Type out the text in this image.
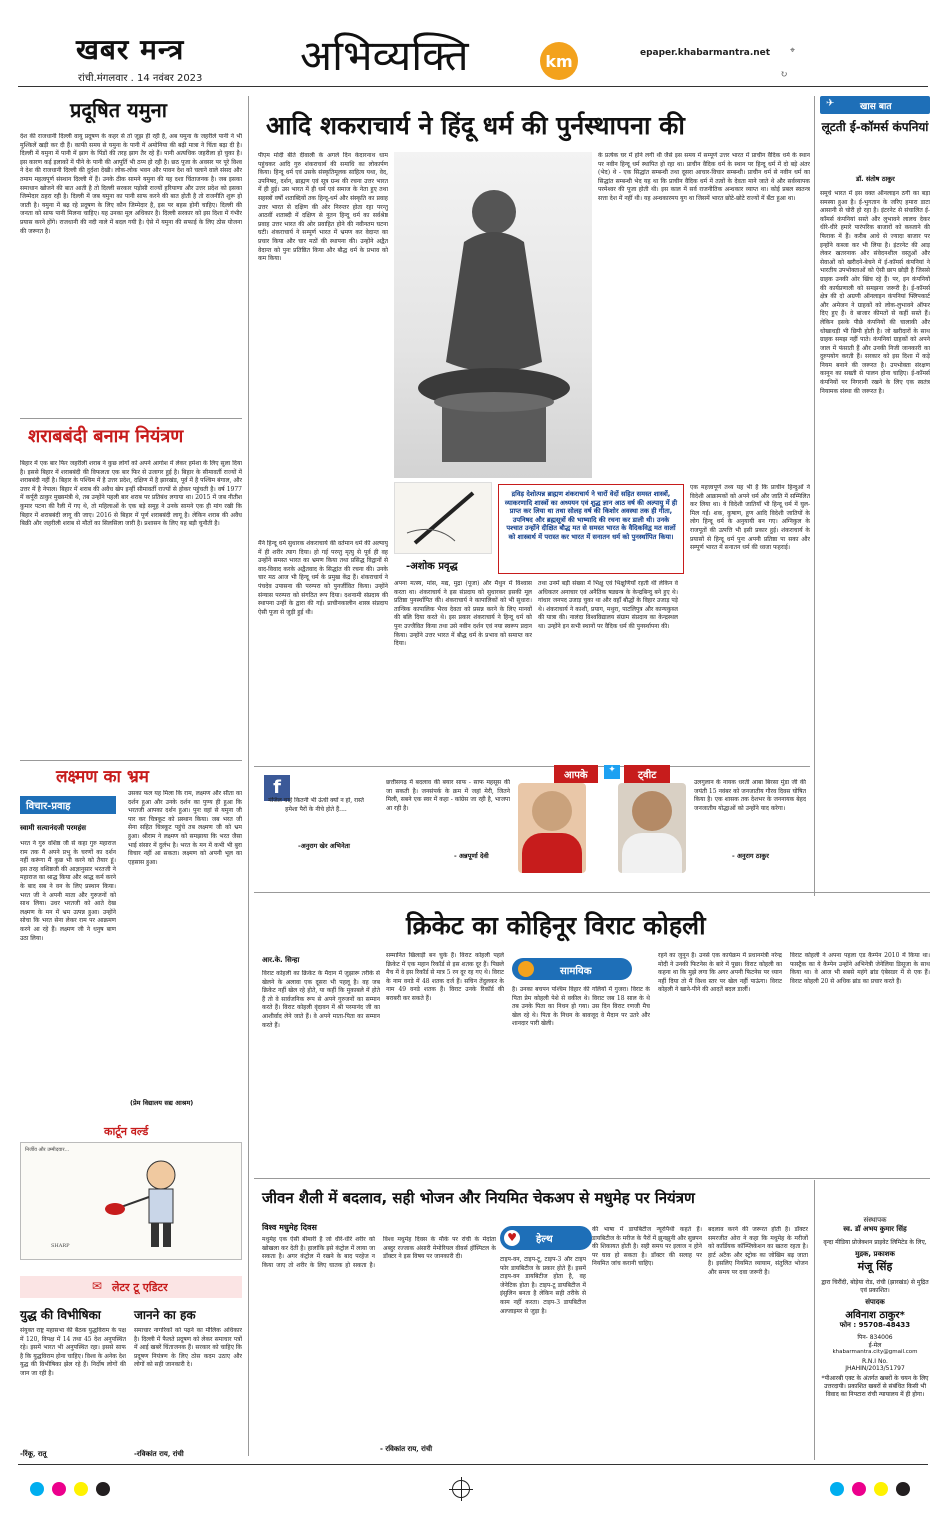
खबर मन्त्र
रांची.मंगलवार . 14 नवंबर 2023 अभिव्यक्ति	km	epaper.khabarmantra.net ⌖
↻
प्रदूषित यमुना
देश की राजधानी दिल्ली वायु प्रदूषण के कहर से तो जूझ ही रही है, अब यमुना के जहरीले पानी ने भी मुश्किलें खड़ी कर दी हैं। काफी समय से यमुना के पानी में अमोनिया की बढ़ी मात्रा ने चिंता बढ़ा दी है। दिल्ली में यमुना में पानी में झाग के पिंडों की तरह झाग तैर रहे हैं। पानी अत्यधिक जहरीला हो चुका है। इस कारण कई इलाकों में पीने के पानी की आपूर्ति भी ठप्प हो रही है। छठ पूजा के अवसर पर पूरे विश्व ने देश की राजधानी दिल्ली की दुर्दशा देखी। लोक-लोक भवन और पावन देश को चलाने वाले संसद और तमाम महत्वपूर्ण संस्थान दिल्ली में हैं। उनके ठीक सामने यमुना की यह दशा चिंताजनक है। जब इसका समाधान खोजने की बात आती है तो दिल्ली सरकार पड़ोसी राज्यों हरियाणा और उत्तर प्रदेश को इसका जिम्मेदार ठहरा रही है। दिल्ली में जब यमुना का पानी साफ करने की बात होती है तो राजनीति शुरू हो जाती है। यमुना में बढ़ रहे प्रदूषण के लिए कौन जिम्मेदार है, इस पर बहस होनी चाहिए। दिल्ली की जनता को साफ पानी मिलना चाहिए। यह उनका मूल अधिकार है। दिल्ली सरकार को इस दिशा में गंभीर प्रयास करने होंगे। राजधानी की नदी नाले में बदल गयी है। ऐसे में यमुना की सफाई के लिए ठोस योजना की जरूरत है।
शराबबंदी बनाम नियंत्रण
बिहार में एक बार फिर जहरीली शराब ने कुछ लोगों को अपने आगोश में लेकर हमेशा के लिए सुला दिया है। इससे बिहार में शराबबंदी की विफलता एक बार फिर से उजागर हुई है। बिहार के सीमावर्ती राज्यों में शराबबंदी नहीं है। बिहार के पश्चिम में है उत्तर प्रदेश, दक्षिण में है झारखंड, पूर्व में है पश्चिम बंगाल, और उत्तर में है नेपाल। बिहार में शराब की अवैध खेप इन्हीं सीमावर्ती राज्यों से होकर पहुंचती है। वर्ष 1977 में कर्पूरी ठाकुर मुख्यमंत्री थे, तब उन्होंने पहली बार शराब पर प्रतिबंध लगाया था। 2015 में जब नीतीश कुमार पटना की रैली में गए थे, तो महिलाओं के एक बड़े समूह ने उनके सामने एक ही मांग रखी कि बिहार में शराबबंदी लागू की जाए। 2016 से बिहार में पूर्ण शराबबंदी लागू है। लेकिन शराब की अवैध बिक्री और जहरीली शराब से मौतों का सिलसिला जारी है। प्रशासन के लिए यह बड़ी चुनौती है।
लक्ष्मण का भ्रम
विचार-प्रवाह
स्वामी सत्यानंदजी परमहंस
भरत ने गुरु वशिष्ठ जी से कहा गुरु महाराज राम तक मैं अपने प्रभु के चरणों का दर्शन नहीं करूंगा मैं कुछ भी करने को तैयार हूं। इस तरह वशिष्ठजी की आज्ञानुसार भरतजी ने महाराज का श्राद्ध किया और श्राद्ध कर्म करने के बाद सब ने वन के लिए प्रस्थान किया। भरत जी ने अपनी माता और गुरुजनों को साथ लिया। उधर भरतजी को आते देख लक्ष्मण के मन में भ्रम उत्पन्न हुआ। उन्होंने सोचा कि भरत सेना लेकर राम पर आक्रमण करने आ रहे हैं। लक्ष्मण जी ने धनुष बाण उठा लिया।
उसका फल यह मिला कि राम, लक्ष्मण और सीता का दर्शन हुआ और उनके दर्शन का पुण्य ही हुआ कि भरतजी आपका दर्शन हुआ। पुनः वहां से यमुना जी पार कर चित्रकूट को प्रस्थान किया। जब भरत जी सेना सहित चित्रकूट पहुंचे तब लक्ष्मण जी को भ्रम हुआ। श्रीराम ने लक्ष्मण को समझाया कि भरत जैसा भाई संसार में दुर्लभ है। भरत के मन में कभी भी बुरा विचार नहीं आ सकता। लक्ष्मण को अपनी भूल का एहसास हुआ।
(प्रेम विद्यालय सद्य आश्रम)
कार्टून वर्ल्ड
निर्जीव और उम्मीदवार...
SHARP
✉ लेटर टू एडिटर
युद्ध की विभीषिका
संयुक्त राष्ट्र महासभा की बैठक युद्धविराम के पक्ष में 120, विपक्ष में 14 तथा 45 देश अनुपस्थित रहे। इसमें भारत भी अनुपस्थित रहा। इससे साफ है कि युद्धविराम होना चाहिए। विश्व के अनेक देश युद्ध की विभीषिका झेल रहे हैं। निर्दोष लोगों की जान जा रही है।
-रिंकू, रातू
जानने का हक
समाचार नागरिकों को पढ़ने का मौलिक अधिकार है। दिल्ली में फैलते प्रदूषण को लेकर समाचार पत्रों में आई खबरें चिंताजनक हैं। सरकार को चाहिए कि प्रदूषण नियंत्रण के लिए ठोस कदम उठाए और लोगों को सही जानकारी दे।
-रविकांत राय, रांची
आदि शकराचार्य ने हिंदू धर्म की पुर्नस्थापना की
पीएम मोदी बीते दीवाली के अगले दिन केदारनाथ धाम पहुंचकर आदि गुरु शंकराचार्य की समाधि का लोकार्पण किया। हिन्दू धर्म एवं उसके संस्कृतिमूलक साहित्य यथा, वेद, उपनिषद, दर्शन, ब्राह्मण एवं सूत्र ग्रन्थ की रचना उत्तर भारत में ही हुई। उस भारत में ही धर्म एवं समाज के नेता हुए तथा सहस्त्रों वर्षों शताब्दियों तक हिन्दू-धर्म और संस्कृति का प्रवाह उत्तर भारत से दक्षिण की ओर निरन्तर होता रहा परन्तु आठवीं शताब्दी में दक्षिण से नूतन हिन्दू धर्म का सर्वश्रेष्ठ प्रवाह उत्तर भारत की ओर प्रवाहित होने की नवीनतम घटना घटी। शंकराचार्य ने सम्पूर्ण भारत में भ्रमण कर वेदान्त का प्रचार किया और चार मठों की स्थापना की। उन्होंने अद्वैत वेदान्त को पुनः प्रतिष्ठित किया और बौद्ध धर्म के प्रभाव को कम किया।
मैंने हिन्दू धर्म सुधारक शंकराचार्य की वर्तमान धर्म की अल्पायु में ही शरीर त्याग दिया। हो गई परन्तु मृत्यु से पूर्व ही वह उन्होंने समस्त भारत का भ्रमण किया तथा प्रसिद्ध विद्वानों से वाद-विवाद करके अद्वैतवाद के सिद्धांत की रचना की। उनके चार मठ आज भी हिन्दू धर्म के प्रमुख केंद्र हैं। शंकराचार्य ने पंचदेव उपासना की परम्परा को पुनर्जीवित किया। उन्होंने संन्यास परम्परा को संगठित रूप दिया। दशनामी संप्रदाय की स्थापना उन्हीं के द्वारा की गई। प्राचीनकालीन शास्त्र संप्रदाय ऐसी पूजा से जुड़ी हुई थी।
-अशोक प्रवृद्ध
द्रविड़ देशोत्पन्न ब्राह्मण शंकराचार्य ने चारों वेदों सहित समस्त शास्त्रों, व्याकरणादि शास्त्रों का अध्ययन एवं शुद्ध ज्ञान आठ वर्ष की अल्पायु में ही प्राप्त कर लिया था तथा सोलह वर्ष की किशोर अवस्था तक ही गीता, उपनिषद और ब्रह्मसूत्रों की भाष्यादि की रचना कर डाली थी। उनके पश्चात उन्होंने दीक्षित बौद्ध मत से समस्त भारत के वैदिकविद्व मत वालों को शास्त्रार्थ में परास्त कर भारत में सनातन धर्म को पुनर्स्थापित किया।
अपना मत्स्य, मांस, मद्य, मुद्रा (पूजा) और मैथुन में विश्वास करता था। शंकराचार्य ने इस संप्रदाय को सुधारकर इसकी मूल प्रतिष्ठा पुनर्स्थापित की। शंकराचार्य ने कापालिकों को भी सुधारा। तान्त्रिक कापालिक भैरव देवता को प्रसन्न करने के लिए मानवों की बलि दिया करते थे। इस प्रकार शंकराचार्य ने हिन्दू धर्म को पुनः उज्जैवित किया तथा उसे नवीन दर्शन एवं नया स्वरूप प्रदान किया। उन्होंने उत्तर भारत में बौद्ध धर्म के प्रभाव को समाप्त कर दिया।
तथा उनमें बड़ी संख्या में भिक्षु एवं भिक्षुणियाँ रहती थीं लेकिन वे अधिकतर अनाचार एवं अनैतिक षड्यन्त्र के केन्द्रबिन्दु बने हुए थे। गांधार जनपद उजाड़ चुका था और वहाँ बौद्धों के विहार उजाड़ पड़े थे। शंकराचार्य ने काशी, प्रयाग, मथुरा, पाटलिपुत्र और कान्यकुब्ज की यात्रा की। नालंदा विश्वविद्यालय संग्राम संप्रदाय का केन्द्रस्थल था। उन्होंने इन सभी स्थानों पर वैदिक धर्म की पुनर्स्थापना की।
के प्रत्येक घर में होने लगी थी जैसे इस समय में सम्पूर्ण उत्तर भारत में प्राचीन वैदिक धर्म के स्थान पर नवीन हिन्दू धर्म स्थापित हो रहा था। प्राचीन वैदिक धर्म के स्थान पर हिन्दू धर्म में दो बड़े अंतर (भेद) थे - एक सिद्धांत सम्बन्धी तथा दूसरा आचार-विचार सम्बन्धी। प्राचीन धर्म से नवीन धर्म का सिद्धांत सम्बन्धी भेद यह था कि प्राचीन वैदिक धर्म में तत्वों के देवता माने जाते थे और सर्वव्यापक परमेश्वर की पूजा होती थी। इस काल में सर्व राजनीतिक अन्धकार व्याप्त था। कोई प्रबल स्वतन्त्र सत्ता देश में नहीं थी। यह अन्धकारमय युग था जिसमें भारत छोटे-छोटे राज्यों में बँटा हुआ था।
एक महत्त्वपूर्ण तथ्य यह भी है कि प्राचीन हिन्दुओं ने विदेशी आक्रामकों को अपने धर्म और जाति में सम्मिलित कर लिया था। ये विदेशी जातियाँ भी हिन्दू धर्म में घुल-मिल गईं। शक, कुषाण, हूण आदि विदेशी जातियों के लोग हिन्दू धर्म के अनुयायी बन गए। अग्निकुल के राजपूतों की उत्पत्ति भी इसी प्रकार हुई। शंकराचार्य के प्रयासों से हिन्दू धर्म पुनः अपनी प्रतिष्ठा पा सका और सम्पूर्ण भारत में सनातन धर्म की ध्वजा फहराई।
आपके	✦	ट्वीट
f
मंजिल चाहे कितनी भी ऊंची क्यों न हो, रास्ते हमेशा पैरों के नीचे होते हैं....
-अनुराग खेर अभिनेता
छत्तीसगढ़ में बदलाव की बयार साफ - साफ महसूस की जा सकती है। जनसंपर्क के क्रम में जहां मेरी, जितने मिली, सबने एक स्वर में कहा - कांग्रेस जा रही है, भाजपा आ रही है।
- अन्नपूर्णा देवी
उलगुलान के नायक धरती आबा बिरसा मुंडा जी की जयंती 15 नवंबर को जनजातीय गौरव दिवस घोषित किया है। एक शासक तक देशभर के जननायक बेहद जनजातीय योद्धाओं को उन्होंने याद करेगा।
- अनुराग ठाकुर
✈	खास बात
लूटती ई-कॉमर्स कंपनियां
डॉ. संतोष ठाकुर
समूचे भारत में इस वक्त ऑनलाइन ठगी का बड़ा समस्या हुआ है। ई-भुगतान के जरिए हमारा डाटा आसानी से चोरी हो रहा है। इंटरनेट से संचालित ई-कॉमर्स कंपनियां सस्ते और लुभावने लालच देकर धीरे-धीरे हमारे पारंपरिक बाजारों को कब्जाने की फिराक में हैं। करीब आधे से ज्यादा बाजार पर इन्होंने कब्जा कर भी लिया है। इंटरनेट की आड़ लेकर खतरनाक और संवेदनशील वस्तुओं और सेवाओं को खरीदने-बेचने में ई-कॉमर्स कंपनियां ने भारतीय उपभोक्ताओं को ऐसी छाप छोड़ी है जिससे ग्राहक उनकी ओर खिंच रहे हैं। पर, इन कंपनियों की कार्यप्रणाली को समझना जरूरी है। ई-कॉमर्स क्षेत्र की दो अग्रणी ऑनलाइन कंपनियां फ्लिपकार्ट और अमेजन ने ग्राहकों को लोक-लुभावने ऑफर दिए हुए हैं। वे बाजार कीमतों से कहीं सस्ते हैं। लेकिन इसके पीछे कंपनियों की चालाकी और धोखाधड़ी भी छिपी होती है। जो खरीदारों के साथ ग्राहक समझ नहीं पाते। कंपनियां ग्राहकों को अपने जाल में फंसाती हैं और उनकी निजी जानकारी का दुरुपयोग करती हैं। सरकार को इस दिशा में कड़े नियम बनाने की जरूरत है। उपभोक्ता संरक्षण कानून का सख्ती से पालन होना चाहिए। ई-कॉमर्स कंपनियों पर निगरानी रखने के लिए एक स्वतंत्र नियामक संस्था की जरूरत है।
क्रिकेट का कोहिनूर विराट कोहली
आर.के. सिन्हा
विराट कोहली का क्रिकेट के मैदान में जुझारू तरीके से खेलने के अलावा एक दूसरा भी पहलू है। वह जब क्रिकेट नहीं खेल रहे होते, या कहीं कि मुकाबले में होते हैं तो वे सार्वजनिक रूप से अपने गुरुजनों का सम्मान करते हैं। विराट कोहली वृंदावन में श्री परमानंद जी का आशीर्वाद लेने जाते हैं। वे अपने माता-पिता का सम्मान करते हैं।
सम्मानित खिलाड़ी बन चुके हैं। विराट कोहली पहले क्रिकेट में एक महान रिकॉर्ड से इस शतक दूर हैं। पिछले मैच में वे इस रिकॉर्ड से मात्र 5 रन दूर रह गए थे। विराट के नाम वनडे में 48 शतक दर्ज हैं। सचिन तेंदुलकर के नाम 49 वनडे शतक हैं। विराट उनके रिकॉर्ड की बराबरी कर सकते हैं।
सामयिक
है। उनका बचपन पश्चिम विहार की गलियों में गुजरा। विराट के पिता प्रेम कोहली पेशे से वकील थे। विराट जब 18 साल के थे तब उनके पिता का निधन हो गया। उस दिन विराट रणजी मैच खेल रहे थे। पिता के निधन के बावजूद वे मैदान पर उतरे और शानदार पारी खेली।
रहने का जुनून है। उनसे एक कार्यक्रम में प्रधानमंत्री नरेन्द्र मोदी ने उनकी फिटनेस के बारे में पूछा। विराट कोहली का कहना था कि मुझे लगा कि अगर अपनी फिटनेस पर ध्यान नहीं दिया तो मैं विश्व स्तर पर खेल नहीं पाऊंगा। विराट कोहली ने खाने-पीने की आदतें बदल डालीं।
विराट कोहली ने अपना पहला एड कैम्पेन 2010 में किया था। फास्ट्रैक का ये कैम्पेन उन्होंने अभिनेत्री जेनेलिया डिसूजा के साथ किया था। वे आज भी सबसे महंगे ब्रांड एंबेसडर में से एक हैं। विराट कोहली 20 से अधिक ब्रांड का प्रचार करते हैं।
जीवन शैली में बदलाव, सही भोजन और नियमित चेकअप से मधुमेह पर नियंत्रण
विश्व मधुमेह दिवस
मधुमेह एक ऐसी बीमारी है जो धीरे-धीरे शरीर को खोखला कर देती है। हालांकि इसे कंट्रोल में लाया जा सकता है। अगर कंट्रोल में रखने के बाद परहेज न किया जाए तो शरीर के लिए घातक हो सकता है। विश्व मधुमेह दिवस के मौके पर रांची के मेदांता अब्दुर रज्जाक अंसारी मेमोरियल वीवर्स हॉस्पिटल के डॉक्टर ने इस विषय पर जानकारी दी।
- रविकांत राय, रांची
♥	हेल्थ
टाइप-वन, टाइप-टू, टाइप-3 और टाइप फोर डायबिटीज के प्रकार होते हैं। इसमें टाइप-वन डायबिटीज होता है, वह जेनेटिक होता है। टाइप-टू डायबिटीज में इंसुलिन बनता है लेकिन सही तरीके से काम नहीं करता। टाइप-3 डायबिटीज अल्जाइमर से जुड़ा है।
की भाषा में डायबिटीज न्यूरोपैथी कहते हैं। डायबिटीज के मरीज के पैरों में झुनझुनी और सुन्नपन की शिकायत होती है। सही समय पर इलाज न होने पर घाव हो सकता है। डॉक्टर की सलाह पर नियमित जांच करानी चाहिए।
बदलाव करने की जरूरत होती है। डॉक्टर समरजीत ओरा ने कहा कि मधुमेह के मरीजों को कार्डियक कॉम्प्लिकेशन का खतरा रहता है। हार्ट अटैक और स्ट्रोक का जोखिम बढ़ जाता है। इसलिए नियमित व्यायाम, संतुलित भोजन और समय पर दवा जरूरी है।
संस्थापक
स्व. डॉ अभय कुमार सिंह
वृन्दा मीडिया प्रोजेक्शन प्राइवेट लिमिटेड के लिए,
मुद्रक, प्रकाशक
मंजू सिंह
द्वारा चिरौंदी, बोड़ेया रोड, रांची (झारखंड) से मुद्रित एवं प्रकाशित।
संपादक
अविनाश ठाकुर*
फोन : 95708-48433
पिन- 834006
ई-मेल
khabarmantra.city@gmail.com
R.N.I No.
JHAHIN/2013/51797
*पीआरबी एक्ट के अंतर्गत खबरों के चयन के लिए उत्तरदायी। प्रकाशित खबरों से संबंधित किसी भी विवाद का निपटारा रांची न्यायालय में ही होगा।
